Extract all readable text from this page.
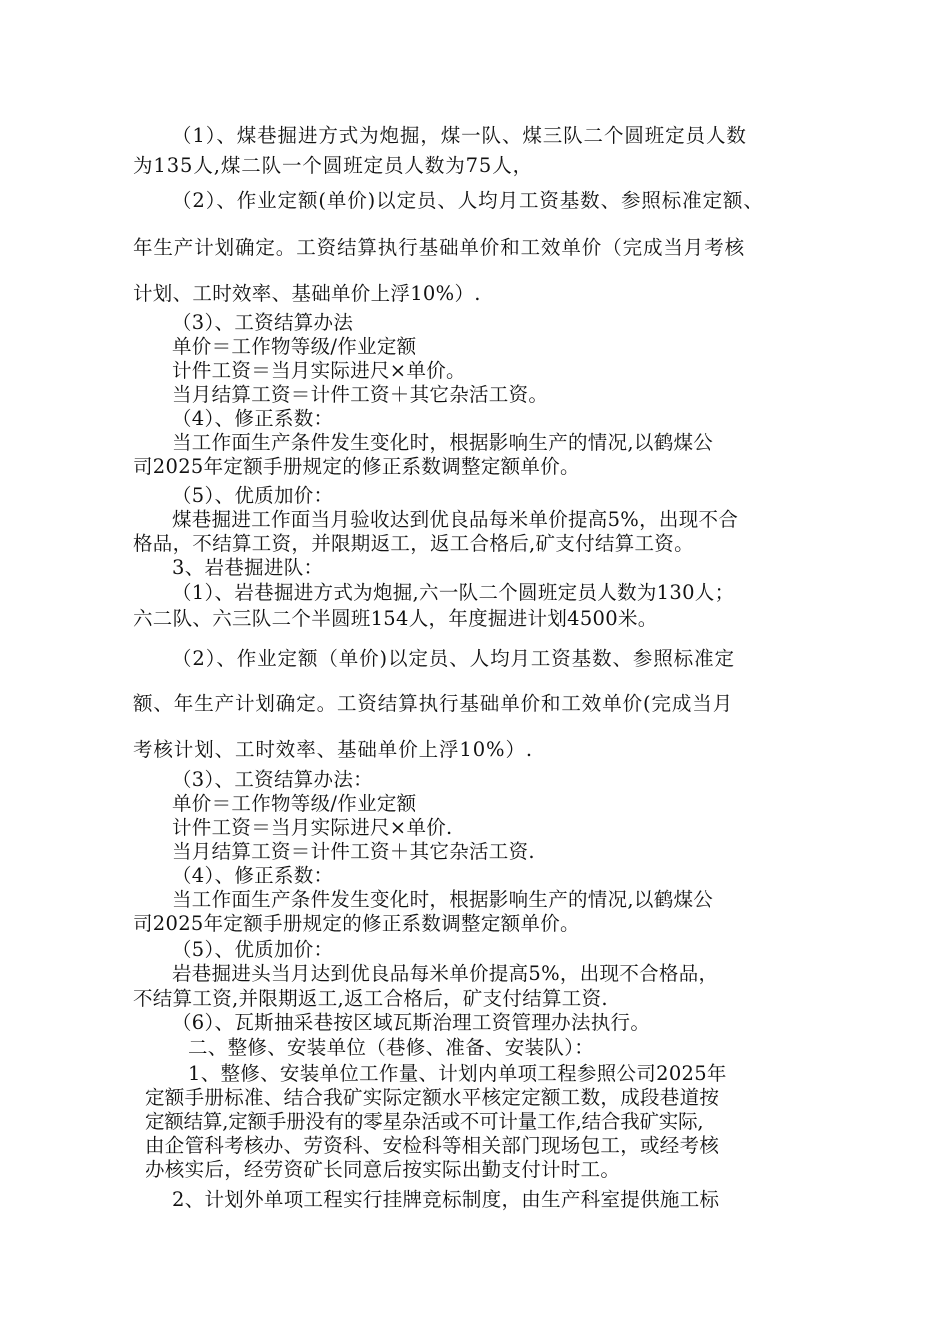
（1）、煤巷掘进方式为炮掘，煤一队、煤三队二个圆班定员人数
为135人,煤二队一个圆班定员人数为75人，
（2）、作业定额(单价)以定员、人均月工资基数、参照标准定额、
年生产计划确定。工资结算执行基础单价和工效单价（完成当月考核
计划、工时效率、基础单价上浮10%）.
（3）、工资结算办法
单价＝工作物等级/作业定额
计件工资＝当月实际进尺×单价。
当月结算工资＝计件工资＋其它杂活工资。
（4）、修正系数：
当工作面生产条件发生变化时，根据影响生产的情况,以鹤煤公
司2025年定额手册规定的修正系数调整定额单价。
（5）、优质加价：
煤巷掘进工作面当月验收达到优良品每米单价提高5%，出现不合
格品，不结算工资，并限期返工，返工合格后,矿支付结算工资。
3、岩巷掘进队：
（1）、岩巷掘进方式为炮掘,六一队二个圆班定员人数为130人；
六二队、六三队二个半圆班154人，年度掘进计划4500米。
（2）、作业定额（单价)以定员、人均月工资基数、参照标准定
额、年生产计划确定。工资结算执行基础单价和工效单价(完成当月
考核计划、工时效率、基础单价上浮10%）.
（3）、工资结算办法：
单价＝工作物等级/作业定额
计件工资＝当月实际进尺×单价.
当月结算工资＝计件工资＋其它杂活工资.
（4）、修正系数：
当工作面生产条件发生变化时，根据影响生产的情况,以鹤煤公
司2025年定额手册规定的修正系数调整定额单价。
（5）、优质加价：
岩巷掘进头当月达到优良品每米单价提高5%，出现不合格品，
不结算工资,并限期返工,返工合格后，矿支付结算工资.
（6）、瓦斯抽采巷按区域瓦斯治理工资管理办法执行。
二、整修、安装单位（巷修、准备、安装队）：
1、整修、安装单位工作量、计划内单项工程参照公司2025年
定额手册标准、结合我矿实际定额水平核定定额工数，成段巷道按
定额结算,定额手册没有的零星杂活或不可计量工作,结合我矿实际,
由企管科考核办、劳资科、安检科等相关部门现场包工，或经考核
办核实后，经劳资矿长同意后按实际出勤支付计时工。
2、计划外单项工程实行挂牌竞标制度，由生产科室提供施工标
